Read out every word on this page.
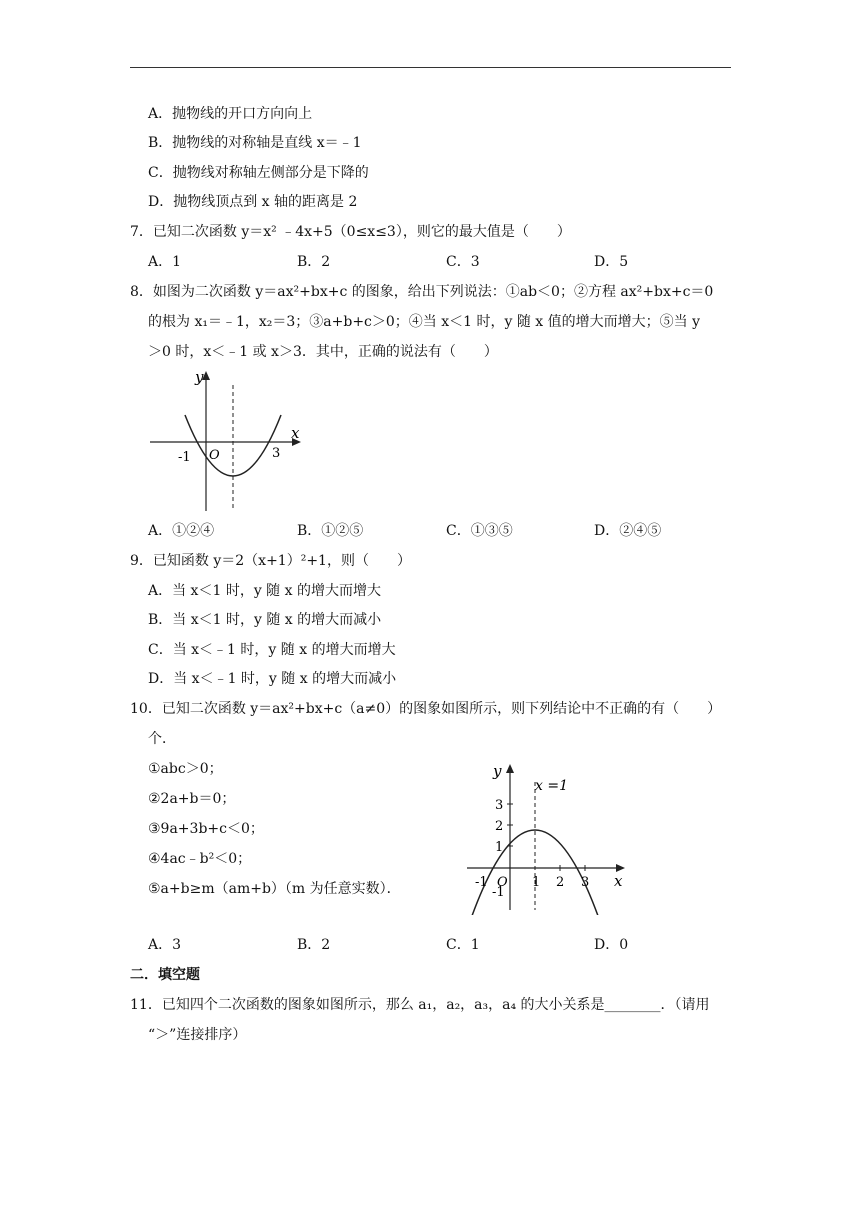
A．抛物线的开口方向向上
B．抛物线的对称轴是直线 x＝﹣1
C．抛物线对称轴左侧部分是下降的
D．抛物线顶点到 x 轴的距离是 2
7．已知二次函数 y＝x² ﹣4x+5（0≤x≤3），则它的最大值是（　　）
A．1	B．2	C．3	D．5
8．如图为二次函数 y＝ax²+bx+c 的图象，给出下列说法：①ab＜0；②方程 ax²+bx+c＝0
的根为 x₁＝﹣1，x₂＝3；③a+b+c＞0；④当 x＜1 时，y 随 x 值的增大而增大；⑤当 y
＞0 时，x＜﹣1 或 x＞3．其中，正确的说法有（　　）
y
x
O
-1	3
A．①②④	B．①②⑤	C．①③⑤	D．②④⑤
9．已知函数 y＝2（x+1）²+1，则（　　）
A．当 x＜1 时，y 随 x 的增大而增大
B．当 x＜1 时，y 随 x 的增大而减小
C．当 x＜﹣1 时，y 随 x 的增大而增大
D．当 x＜﹣1 时，y 随 x 的增大而减小
10．已知二次函数 y＝ax²+bx+c（a≠0）的图象如图所示，则下列结论中不正确的有（　　）
个．
①abc＞0；
②2a+b＝0；
③9a+3b+c＜0；
④4ac﹣b²＜0；
⑤a+b≥m（am+b）（m 为任意实数）．
y
x
x =1
3
2
1
-1
-1 O 1 2 3
A．3	B．2	C．1	D．0
二．填空题
11．已知四个二次函数的图象如图所示，那么 a₁，a₂，a₃，a₄ 的大小关系是________．（请用
“＞”连接排序）
